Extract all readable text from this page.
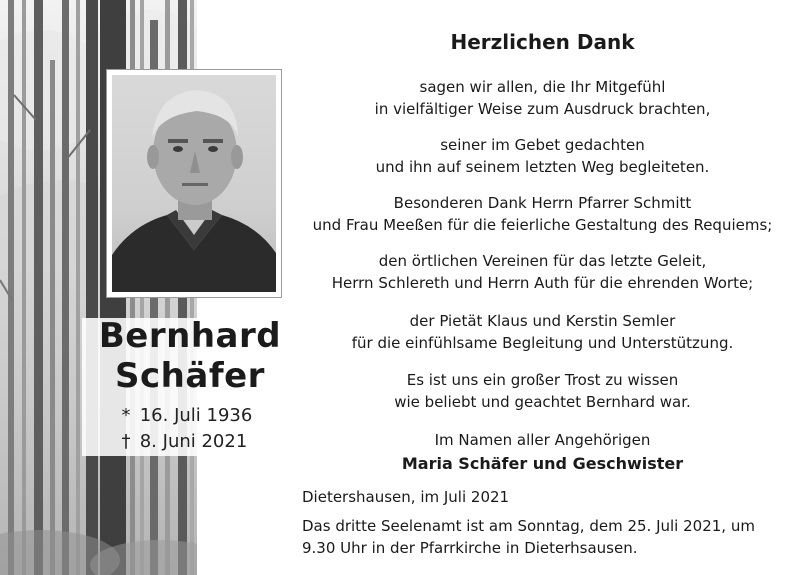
Bernhard
Schäfer
* 16. Juli 1936
† 8. Juni 2021
Herzlichen Dank
sagen wir allen, die Ihr Mitgefühl
in vielfältiger Weise zum Ausdruck brachten,
seiner im Gebet gedachten
und ihn auf seinem letzten Weg begleiteten.
Besonderen Dank Herrn Pfarrer Schmitt
und Frau Meeßen für die feierliche Gestaltung des Requiems;
den örtlichen Vereinen für das letzte Geleit,
Herrn Schlereth und Herrn Auth für die ehrenden Worte;
der Pietät Klaus und Kerstin Semler
für die einfühlsame Begleitung und Unterstützung.
Es ist uns ein großer Trost zu wissen
wie beliebt und geachtet Bernhard war.
Im Namen aller Angehörigen
Maria Schäfer und Geschwister
Dietershausen, im Juli 2021
Das dritte Seelenamt ist am Sonntag, dem 25. Juli 2021, um
9.30 Uhr in der Pfarrkirche in Dieterhsausen.
